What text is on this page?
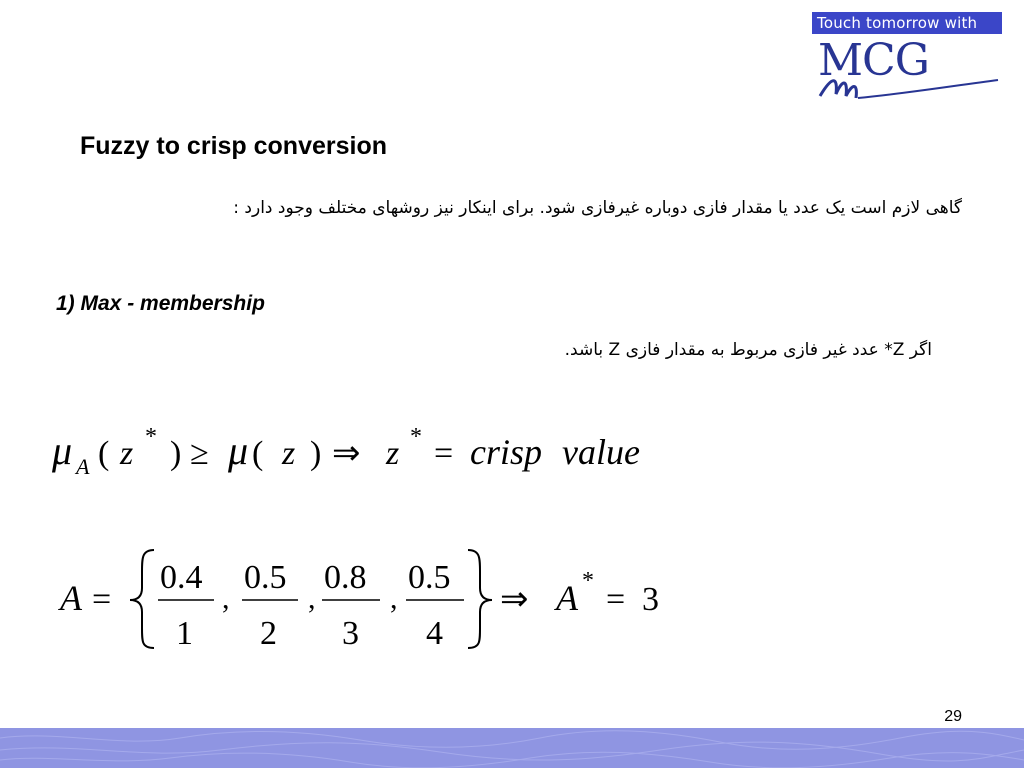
Touch tomorrow with
MCG
Fuzzy to crisp conversion
گاهی لازم است یک عدد یا مقدار فازی دوباره غیرفازی شود. برای اینکار نیز روشهای مختلف وجود دارد :
1) Max - membership
اگر Z* عدد غیر فازی مربوط به مقدار فازی Z باشد.
μ A ( z * ) ≥ μ ( z ) ⇒ z * = crisp value
A =
0.4
1
,
0.5
2
,
0.8
3
,
0.5
4
⇒ A * = 3
29
